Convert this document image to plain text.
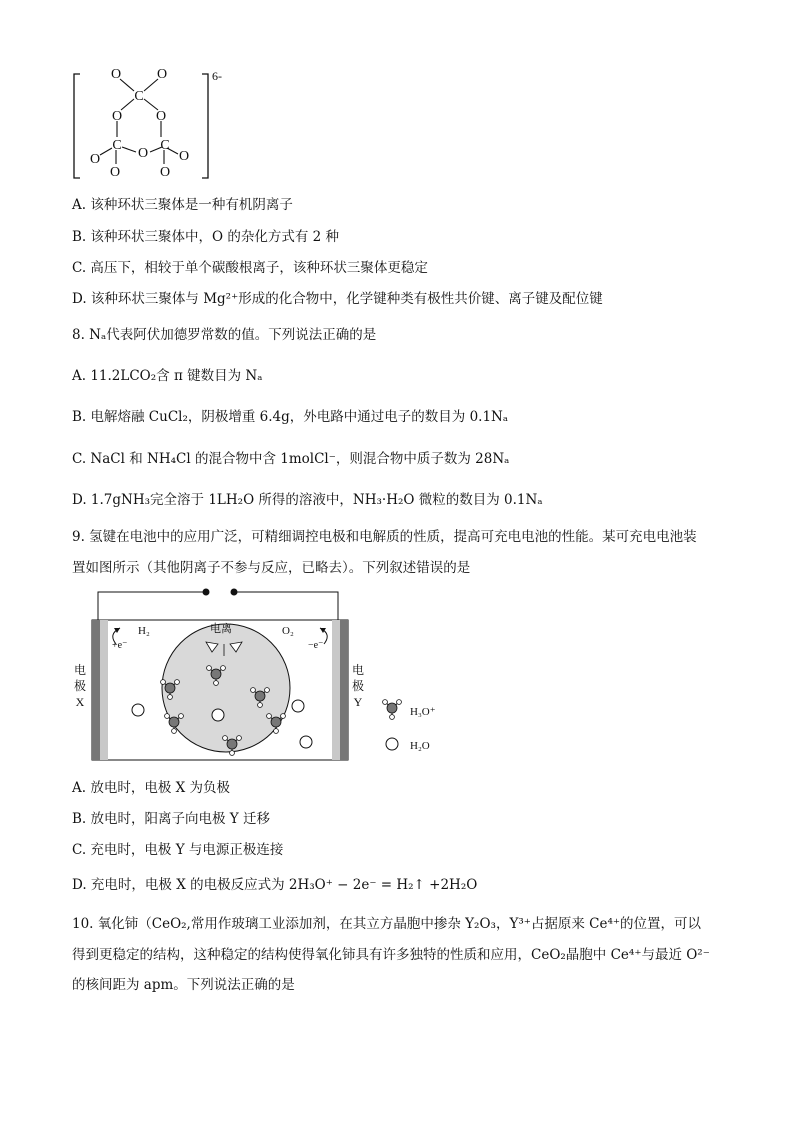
O	O
C
O O
C
O
O
C
O
O	O
6-
A. 该种环状三聚体是一种有机阴离子
B. 该种环状三聚体中，O 的杂化方式有 2 种
C. 高压下，相较于单个碳酸根离子，该种环状三聚体更稳定
D. 该种环状三聚体与 Mg²⁺形成的化合物中，化学键种类有极性共价键、离子键及配位键
8. Nₐ代表阿伏加德罗常数的值。下列说法正确的是
A. 11.2LCO₂含 π 键数目为 Nₐ
B. 电解熔融 CuCl₂，阴极增重 6.4g，外电路中通过电子的数目为 0.1Nₐ
C. NaCl 和 NH₄Cl 的混合物中含 1molCl⁻，则混合物中质子数为 28Nₐ
D. 1.7gNH₃完全溶于 1LH₂O 所得的溶液中，NH₃·H₂O 微粒的数目为 0.1Nₐ
9. 氢键在电池中的应用广泛，可精细调控电极和电解质的性质，提高可充电电池的性能。某可充电电池装
置如图所示（其他阴离子不参与反应，已略去）。下列叙述错误的是
H₂	电离	O₂
+e⁻	−e⁻
电
极
X
电
极
Y
H₃O⁺
H₂O
A. 放电时，电极 X 为负极
B. 放电时，阳离子向电极 Y 迁移
C. 充电时，电极 Y 与电源正极连接
D. 充电时，电极 X 的电极反应式为 2H₃O⁺ − 2e⁻ = H₂↑ +2H₂O
10. 氧化铈（CeO₂,常用作玻璃工业添加剂，在其立方晶胞中掺杂 Y₂O₃，Y³⁺占据原来 Ce⁴⁺的位置，可以
得到更稳定的结构，这种稳定的结构使得氧化铈具有许多独特的性质和应用，CeO₂晶胞中 Ce⁴⁺与最近 O²⁻
的核间距为 apm。下列说法正确的是
